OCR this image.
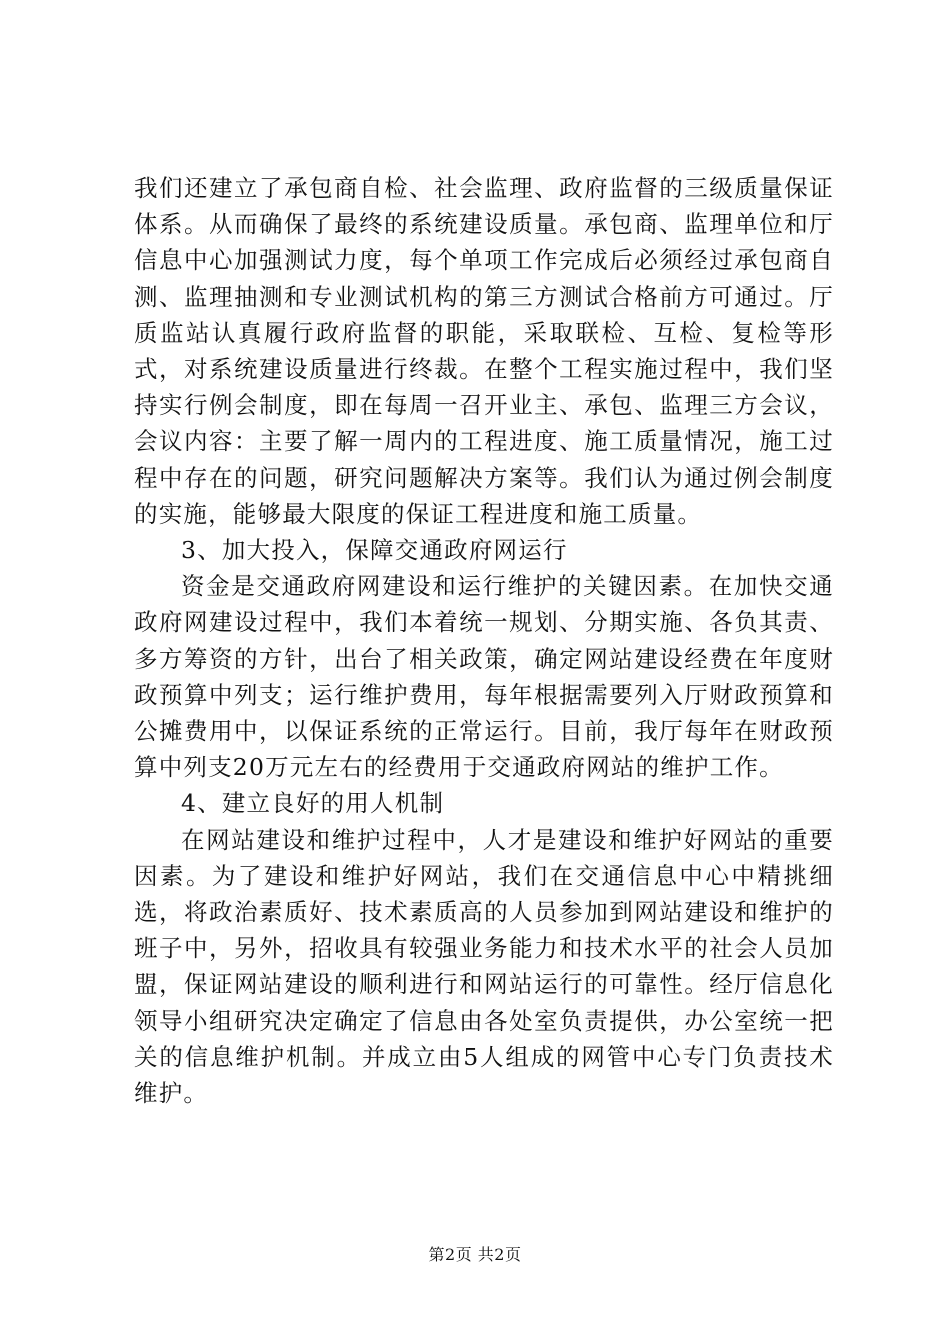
我们还建立了承包商自检、社会监理、政府监督的三级质量保证体系。从而确保了最终的系统建设质量。承包商、监理单位和厅信息中心加强测试力度，每个单项工作完成后必须经过承包商自测、监理抽测和专业测试机构的第三方测试合格前方可通过。厅质监站认真履行政府监督的职能，采取联检、互检、复检等形式，对系统建设质量进行终裁。在整个工程实施过程中，我们坚持实行例会制度，即在每周一召开业主、承包、监理三方会议，会议内容：主要了解一周内的工程进度、施工质量情况，施工过程中存在的问题，研究问题解决方案等。我们认为通过例会制度的实施，能够最大限度的保证工程进度和施工质量。

3、加大投入，保障交通政府网运行

资金是交通政府网建设和运行维护的关键因素。在加快交通政府网建设过程中，我们本着统一规划、分期实施、各负其责、多方筹资的方针，出台了相关政策，确定网站建设经费在年度财政预算中列支；运行维护费用，每年根据需要列入厅财政预算和公摊费用中，以保证系统的正常运行。目前，我厅每年在财政预算中列支20万元左右的经费用于交通政府网站的维护工作。

4、建立良好的用人机制

在网站建设和维护过程中，人才是建设和维护好网站的重要因素。为了建设和维护好网站，我们在交通信息中心中精挑细选，将政治素质好、技术素质高的人员参加到网站建设和维护的班子中，另外，招收具有较强业务能力和技术水平的社会人员加盟，保证网站建设的顺利进行和网站运行的可靠性。经厅信息化领导小组研究决定确定了信息由各处室负责提供，办公室统一把关的信息维护机制。并成立由5人组成的网管中心专门负责技术维护。

第2页 共2页
